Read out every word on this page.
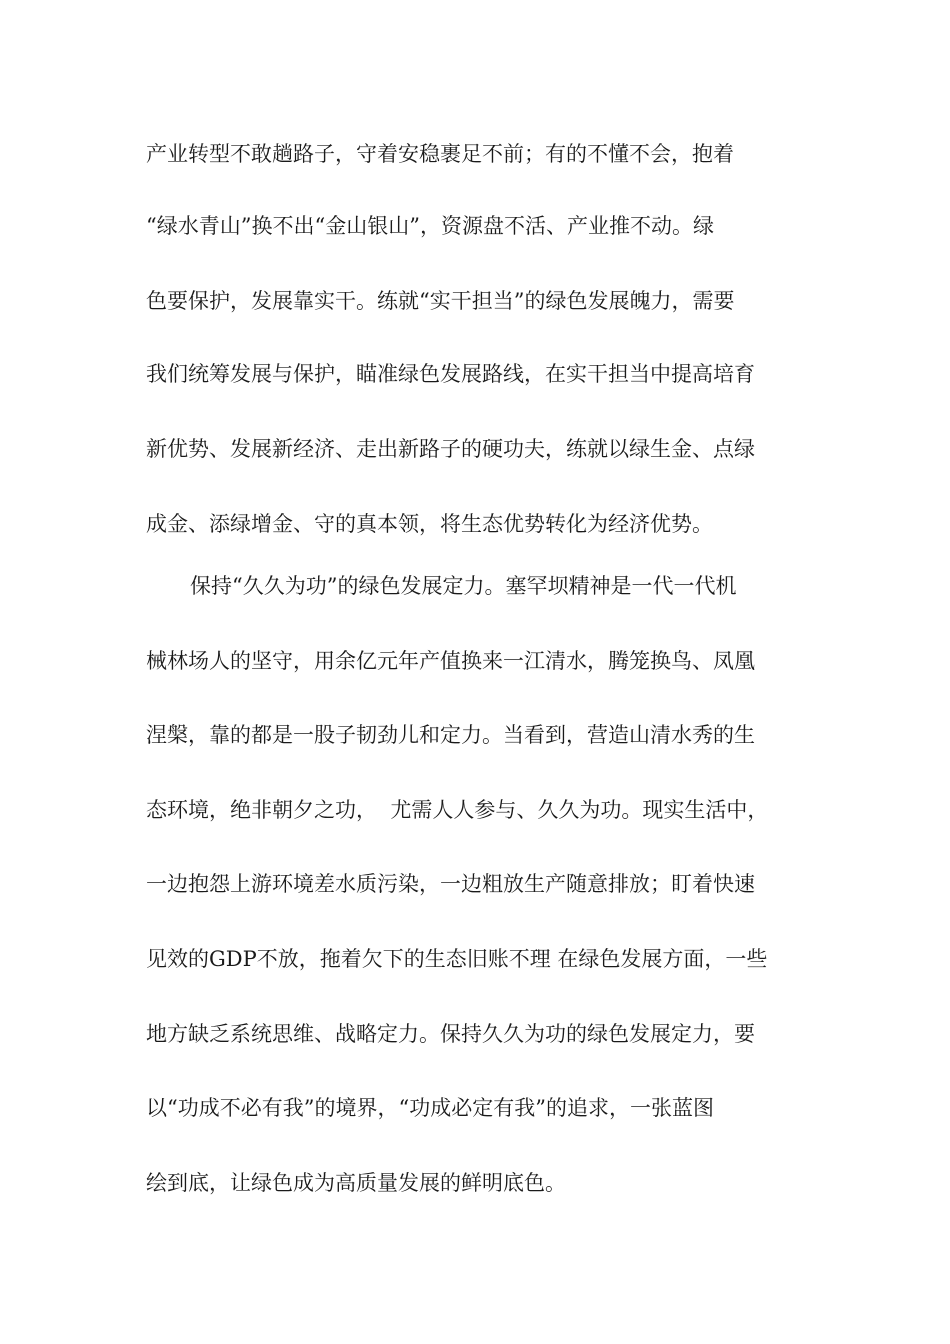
产业转型不敢趟路子，守着安稳裹足不前；有的不懂不会，抱着
“绿水青山”换不出“金山银山”，资源盘不活、产业推不动。绿
色要保护，发展靠实干。练就“实干担当”的绿色发展魄力，需要
我们统筹发展与保护，瞄准绿色发展路线，在实干担当中提高培育
新优势、发展新经济、走出新路子的硬功夫，练就以绿生金、点绿
成金、添绿增金、守的真本领，将生态优势转化为经济优势。
保持“久久为功”的绿色发展定力。塞罕坝精神是一代一代机
械林场人的坚守，用余亿元年产值换来一江清水，腾笼换鸟、凤凰
涅槃，靠的都是一股子韧劲儿和定力。当看到，营造山清水秀的生
态环境，绝非朝夕之功，  尤需人人参与、久久为功。现实生活中，
一边抱怨上游环境差水质污染，一边粗放生产随意排放；盯着快速
见效的GDP不放，拖着欠下的生态旧账不理 在绿色发展方面，一些
地方缺乏系统思维、战略定力。保持久久为功的绿色发展定力，要
以“功成不必有我”的境界，“功成必定有我”的追求，一张蓝图
绘到底，让绿色成为高质量发展的鲜明底色。
